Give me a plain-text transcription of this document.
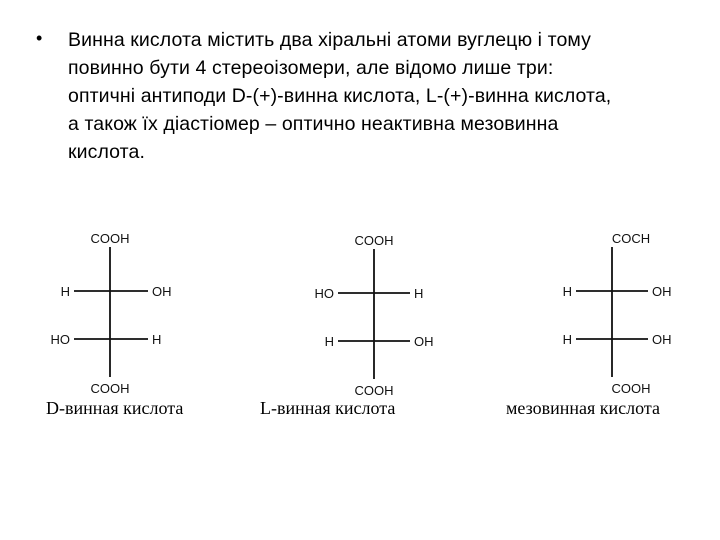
• Винна кислота містить два хіральні атоми вуглецю і тому
повинно бути 4 стереоізомери, але відомо лише три:
оптичні антиподи D-(+)-винна кислота, L-(+)-винна кислота,
а також їх діастіомер – оптично неактивна мезовинна
кислота.
COOH
H	OH
HO	H
COOH
COOH
HO	H
H	OH
COOH
COCH
H	OH
H	OH
COOH
D-винная кислота	L-винная кислота	мезовинная кислота
